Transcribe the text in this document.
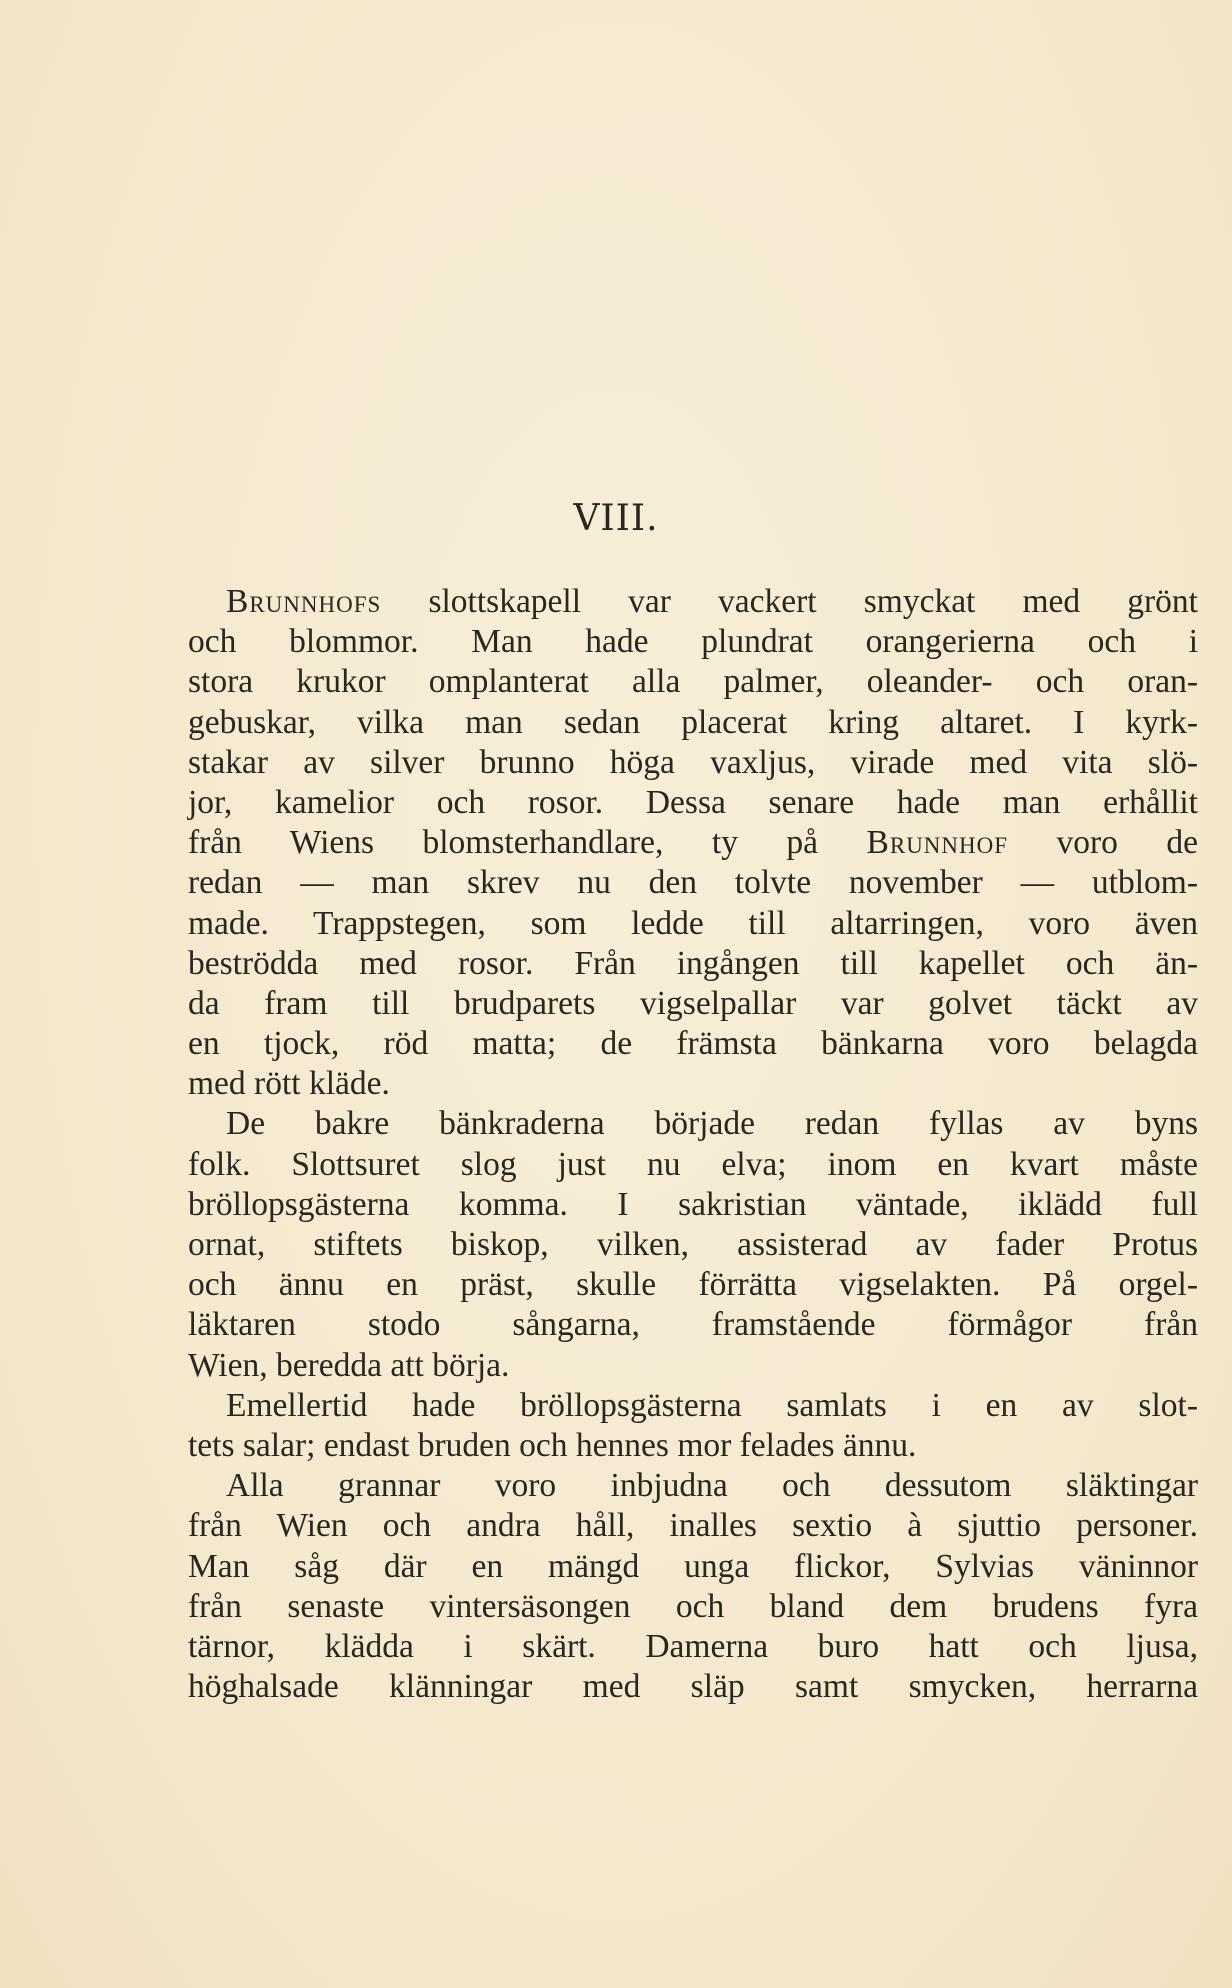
VIII.
Brunnhofs slottskapell var vackert smyckat med grönt
och blommor. Man hade plundrat orangerierna och i
stora krukor omplanterat alla palmer, oleander- och oran-
gebuskar, vilka man sedan placerat kring altaret. I kyrk-
stakar av silver brunno höga vaxljus, virade med vita slö-
jor, kamelior och rosor. Dessa senare hade man erhållit
från Wiens blomsterhandlare, ty på Brunnhof voro de
redan — man skrev nu den tolvte november — utblom-
made. Trappstegen, som ledde till altarringen, voro även
beströdda med rosor. Från ingången till kapellet och än-
da fram till brudparets vigselpallar var golvet täckt av
en tjock, röd matta; de främsta bänkarna voro belagda
med rött kläde.
De bakre bänkraderna började redan fyllas av byns
folk. Slottsuret slog just nu elva; inom en kvart måste
bröllopsgästerna komma. I sakristian väntade, iklädd full
ornat, stiftets biskop, vilken, assisterad av fader Protus
och ännu en präst, skulle förrätta vigselakten. På orgel-
läktaren stodo sångarna, framstående förmågor från
Wien, beredda att börja.
Emellertid hade bröllopsgästerna samlats i en av slot-
tets salar; endast bruden och hennes mor felades ännu.
Alla grannar voro inbjudna och dessutom släktingar
från Wien och andra håll, inalles sextio à sjuttio personer.
Man såg där en mängd unga flickor, Sylvias väninnor
från senaste vintersäsongen och bland dem brudens fyra
tärnor, klädda i skärt. Damerna buro hatt och ljusa,
höghalsade klänningar med släp samt smycken, herrarna
